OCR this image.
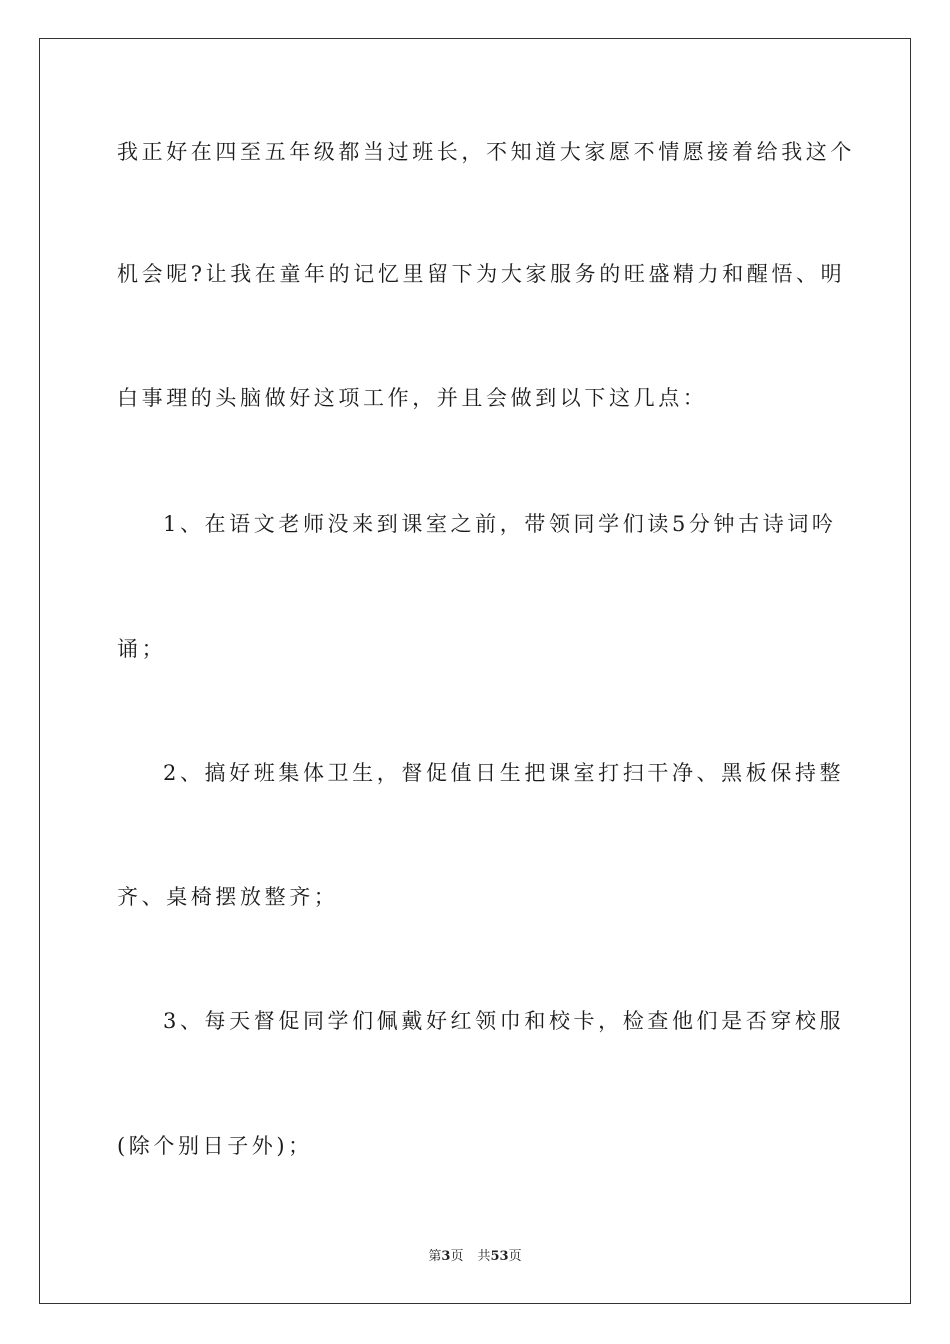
我正好在四至五年级都当过班长，不知道大家愿不情愿接着给我这个
机会呢?让我在童年的记忆里留下为大家服务的旺盛精力和醒悟、明
白事理的头脑做好这项工作，并且会做到以下这几点：
1、在语文老师没来到课室之前，带领同学们读5分钟古诗词吟
诵；
2、搞好班集体卫生，督促值日生把课室打扫干净、黑板保持整
齐、桌椅摆放整齐；
3、每天督促同学们佩戴好红领巾和校卡，检查他们是否穿校服
(除个别日子外)；
第3页 共53页
